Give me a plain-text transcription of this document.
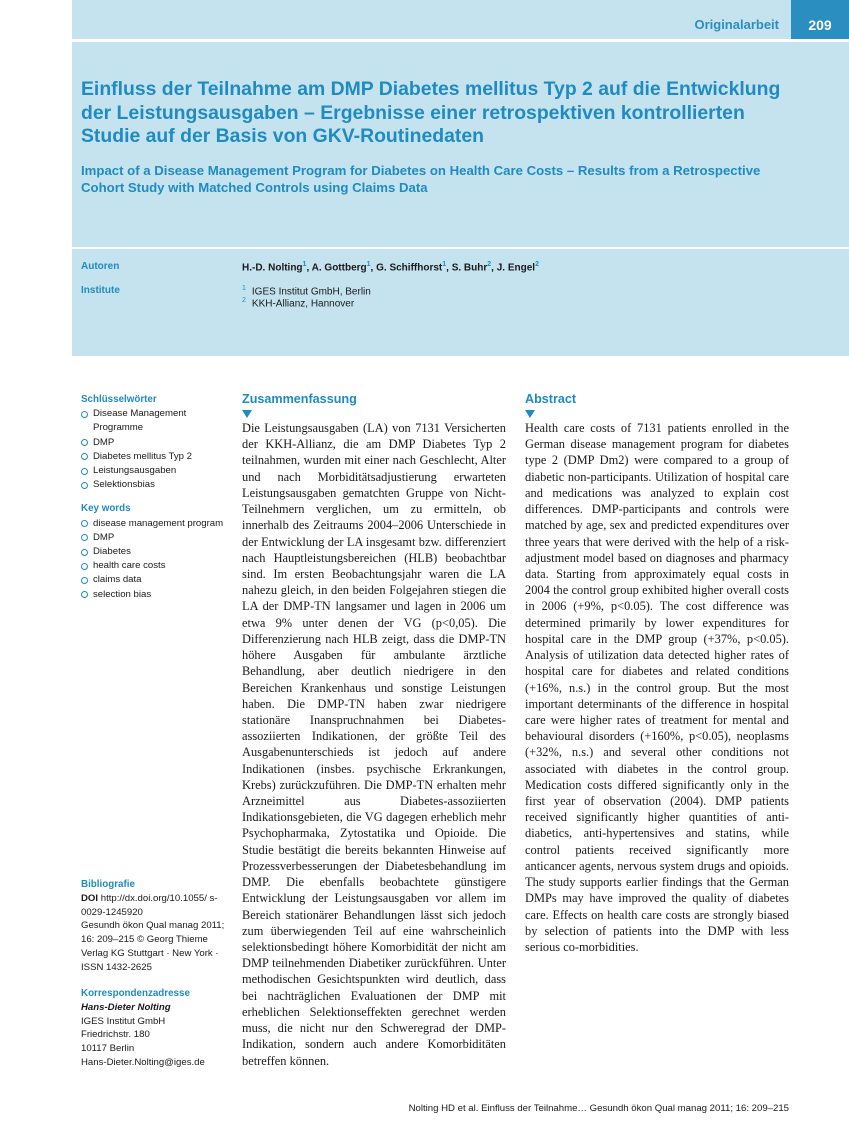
Originalarbeit	209
Einfluss der Teilnahme am DMP Diabetes mellitus Typ 2 auf die Entwicklung der Leistungsausgaben – Ergebnisse einer retrospektiven kontrollierten Studie auf der Basis von GKV-Routinedaten
Impact of a Disease Management Program for Diabetes on Health Care Costs – Results from a Retrospective Cohort Study with Matched Controls using Claims Data
Autoren	H.-D. Nolting$^1$, A. Gottberg$^1$, G. Schiffhorst$^1$, S. Buhr$^2$, J. Engel$^2$
Institute	$^1$ IGES Institut GmbH, Berlin
$^2$ KKH-Allianz, Hannover
Schlüsselwörter
Disease Management Programme
DMP
Diabetes mellitus Typ 2
Leistungsausgaben
Selektionsbias
Key words
disease management program
DMP
Diabetes
health care costs
claims data
selection bias
Bibliografie
DOI http://dx.doi.org/10.1055/ s-0029-1245920
Gesundh ökon Qual manag 2011; 16: 209–215 © Georg Thieme Verlag KG Stuttgart · New York · ISSN 1432-2625
Korrespondenzadresse
Hans-Dieter Nolting
IGES Institut GmbH
Friedrichstr. 180
10117 Berlin
Hans-Dieter.Nolting@iges.de
Zusammenfassung

Die Leistungsausgaben (LA) von 7131 Versicherten der KKH-Allianz, die am DMP Diabetes Typ 2 teilnahmen, wurden mit einer nach Geschlecht, Alter und nach Morbiditätsadjustierung erwarteten Leistungsausgaben gematchten Gruppe von Nicht-Teilnehmern verglichen, um zu ermitteln, ob innerhalb des Zeitraums 2004–2006 Unterschiede in der Entwicklung der LA insgesamt bzw. differenziert nach Hauptleistungsbereichen (HLB) beobachtbar sind. Im ersten Beobachtungsjahr waren die LA nahezu gleich, in den beiden Folgejahren stiegen die LA der DMP-TN langsamer und lagen in 2006 um etwa 9% unter denen der VG (p<0,05). Die Differenzierung nach HLB zeigt, dass die DMP-TN höhere Ausgaben für ambulante ärztliche Behandlung, aber deutlich niedrigere in den Bereichen Krankenhaus und sonstige Leistungen haben. Die DMP-TN haben zwar niedrigere stationäre Inanspruchnahmen bei Diabetes-assoziierten Indikationen, der größte Teil des Ausgabenunterschieds ist jedoch auf andere Indikationen (insbes. psychische Erkrankungen, Krebs) zurückzuführen. Die DMP-TN erhalten mehr Arzneimittel aus Diabetes-assoziierten Indikationsgebieten, die VG dagegen erheblich mehr Psychopharmaka, Zytostatika und Opioide. Die Studie bestätigt die bereits bekannten Hinweise auf Prozessverbesserungen der Diabetesbehandlung im DMP. Die ebenfalls beobachtete günstigere Entwicklung der Leistungsausgaben vor allem im Bereich stationärer Behandlungen lässt sich jedoch zum überwiegenden Teil auf eine wahrscheinlich selektionsbedingt höhere Komorbidität der nicht am DMP teilnehmenden Diabetiker zurückführen. Unter methodischen Gesichtspunkten wird deutlich, dass bei nachträglichen Evaluationen der DMP mit erheblichen Selektionseffekten gerechnet werden muss, die nicht nur den Schweregrad der DMP-Indikation, sondern auch andere Komorbiditäten betreffen können.

Abstract

Health care costs of 7131 patients enrolled in the German disease management program for diabetes type 2 (DMP Dm2) were compared to a group of diabetic non-participants. Utilization of hospital care and medications was analyzed to explain cost differences. DMP-participants and controls were matched by age, sex and predicted expenditures over three years that were derived with the help of a risk-adjustment model based on diagnoses and pharmacy data. Starting from approximately equal costs in 2004 the control group exhibited higher overall costs in 2006 (+9%, p<0.05). The cost difference was determined primarily by lower expenditures for hospital care in the DMP group (+37%, p<0.05). Analysis of utilization data detected higher rates of hospital care for diabetes and related conditions (+16%, n.s.) in the control group. But the most important determinants of the difference in hospital care were higher rates of treatment for mental and behavioural disorders (+160%, p<0.05), neoplasms (+32%, n.s.) and several other conditions not associated with diabetes in the control group. Medication costs differed significantly only in the first year of observation (2004). DMP patients received significantly higher quantities of anti-diabetics, anti-hypertensives and statins, while control patients received significantly more anticancer agents, nervous system drugs and opioids. The study supports earlier findings that the German DMPs may have improved the quality of diabetes care. Effects on health care costs are strongly biased by selection of patients into the DMP with less serious co-morbidities.

Nolting HD et al. Einfluss der Teilnahme… Gesundh ökon Qual manag 2011; 16: 209–215
